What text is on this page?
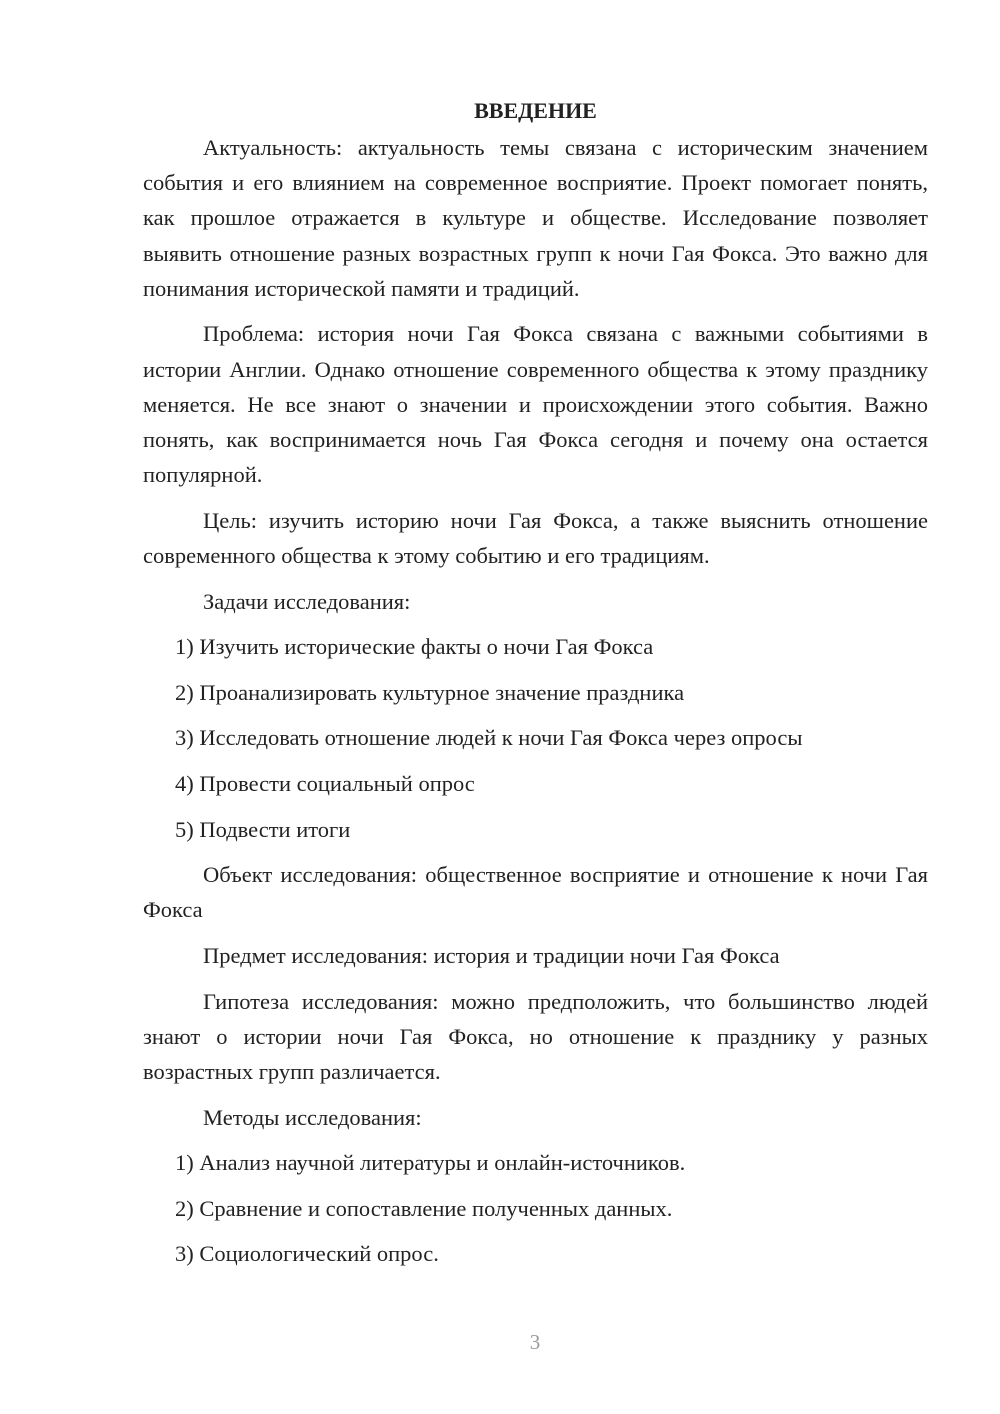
ВВЕДЕНИЕ

Актуальность: актуальность темы связана с историческим значением события и его влиянием на современное восприятие. Проект помогает понять, как прошлое отражается в культуре и обществе. Исследование позволяет выявить отношение разных возрастных групп к ночи Гая Фокса. Это важно для понимания исторической памяти и традиций.

Проблема: история ночи Гая Фокса связана с важными событиями в истории Англии. Однако отношение современного общества к этому празднику меняется. Не все знают о значении и происхождении этого события. Важно понять, как воспринимается ночь Гая Фокса сегодня и почему она остается популярной.

Цель: изучить историю ночи Гая Фокса, а также выяснить отношение современного общества к этому событию и его традициям.

Задачи исследования:

1) Изучить исторические факты о ночи Гая Фокса
2) Проанализировать культурное значение праздника
3) Исследовать отношение людей к ночи Гая Фокса через опросы
4) Провести социальный опрос
5) Подвести итоги

Объект исследования: общественное восприятие и отношение к ночи Гая Фокса

Предмет исследования: история и традиции ночи Гая Фокса

Гипотеза исследования: можно предположить, что большинство людей знают о истории ночи Гая Фокса, но отношение к празднику у разных возрастных групп различается.

Методы исследования:

1) Анализ научной литературы и онлайн-источников.
2) Сравнение и сопоставление полученных данных.
3) Социологический опрос.
3
